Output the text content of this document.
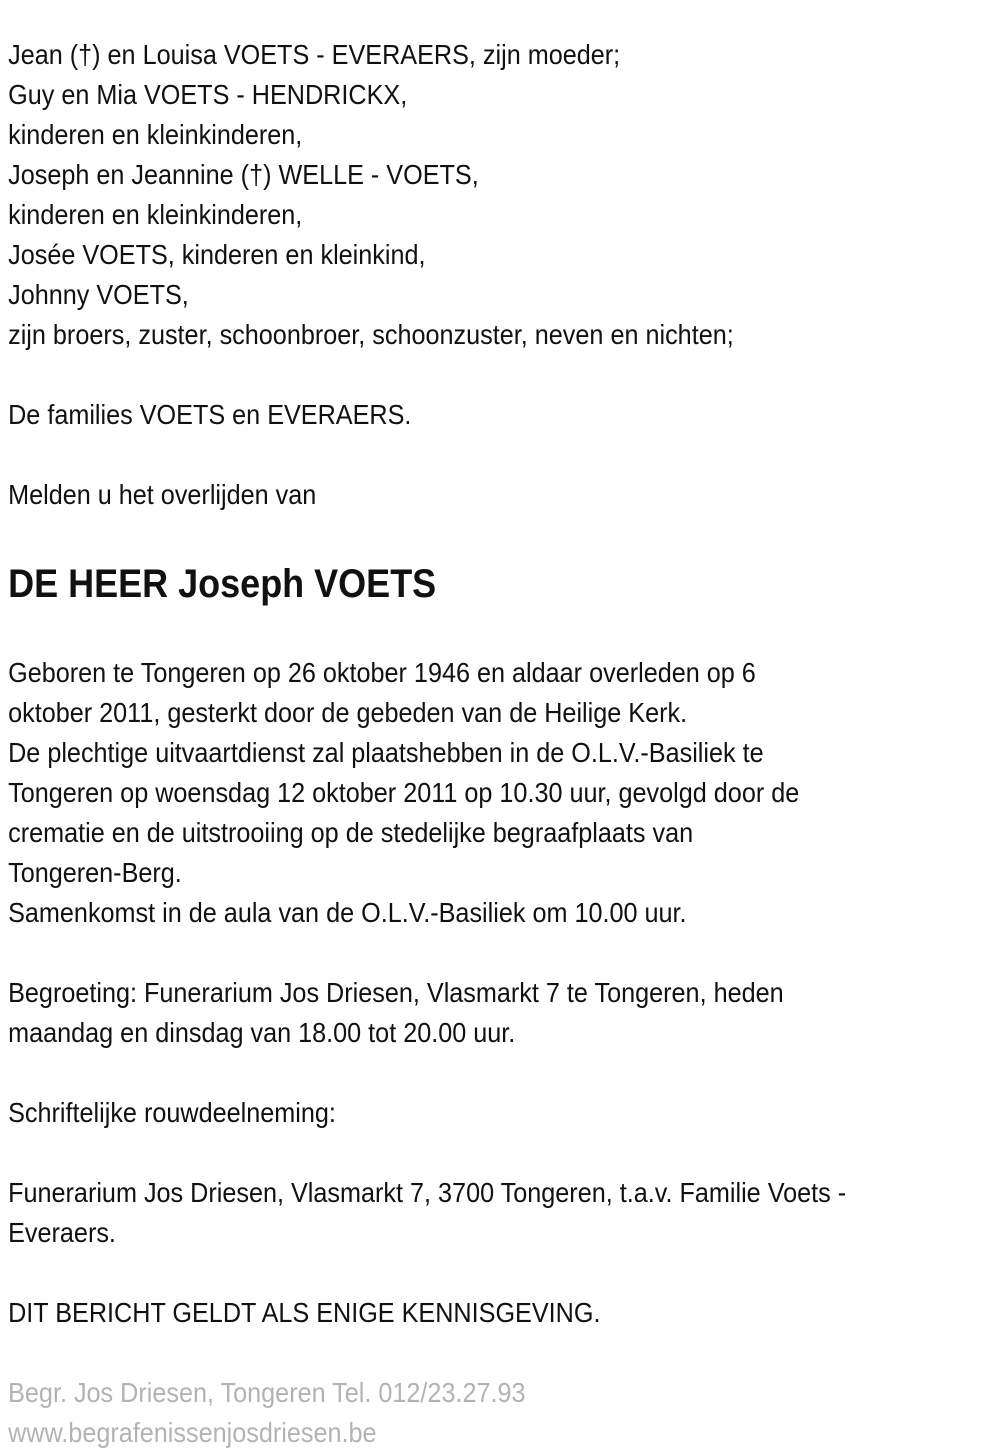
Jean (†) en Louisa VOETS - EVERAERS, zijn moeder;
Guy en Mia VOETS - HENDRICKX,
kinderen en kleinkinderen,
Joseph en Jeannine (†) WELLE - VOETS,
kinderen en kleinkinderen,
Josée VOETS, kinderen en kleinkind,
Johnny VOETS,
zijn broers, zuster, schoonbroer, schoonzuster, neven en nichten;
De families VOETS en EVERAERS.
Melden u het overlijden van
DE HEER Joseph VOETS
Geboren te Tongeren op 26 oktober 1946 en aldaar overleden op 6
oktober 2011, gesterkt door de gebeden van de Heilige Kerk.
De plechtige uitvaartdienst zal plaatshebben in de O.L.V.-Basiliek te
Tongeren op woensdag 12 oktober 2011 op 10.30 uur, gevolgd door de
crematie en de uitstrooiing op de stedelijke begraafplaats van
Tongeren-Berg.
Samenkomst in de aula van de O.L.V.-Basiliek om 10.00 uur.
Begroeting: Funerarium Jos Driesen, Vlasmarkt 7 te Tongeren, heden
maandag en dinsdag van 18.00 tot 20.00 uur.
Schriftelijke rouwdeelneming:
Funerarium Jos Driesen, Vlasmarkt 7, 3700 Tongeren, t.a.v. Familie Voets -
Everaers.
DIT BERICHT GELDT ALS ENIGE KENNISGEVING.
Begr. Jos Driesen, Tongeren Tel. 012/23.27.93
www.begrafenissenjosdriesen.be
